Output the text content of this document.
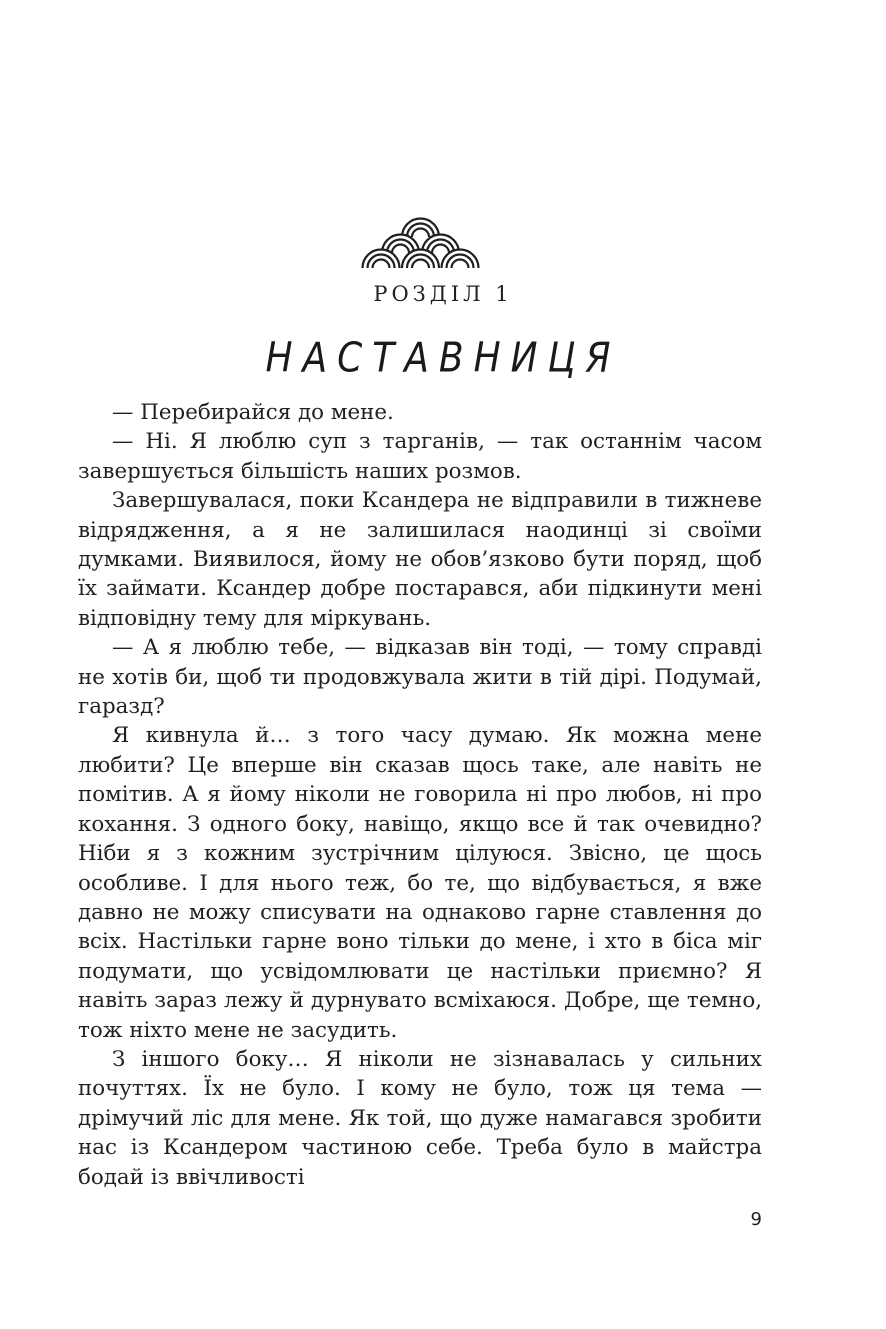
РОЗДІЛ 1
НАСТАВНИЦЯ

— Перебирайся до мене.

— Ні. Я люблю суп з тарганів, — так останнім часом завершується більшість наших розмов.

Завершувалася, поки Ксандера не відправили в тижневе відрядження, а я не залишилася наодинці зі своїми думками. Виявилося, йому не обов’язково бути поряд, щоб їх займати. Ксандер добре постарався, аби підкинути мені відповідну тему для міркувань.

— А я люблю тебе, — відказав він тоді, — тому справді не хотів би, щоб ти продовжувала жити в тій дірі. Подумай, гаразд?

Я кивнула й… з того часу думаю. Як можна мене любити? Це вперше він сказав щось таке, але навіть не помітив. А я йому ніколи не говорила ні про любов, ні про кохання. З одного боку, навіщо, якщо все й так очевидно? Ніби я з кожним зустрічним цілуюся. Звісно, це щось особливе. І для нього теж, бо те, що відбувається, я вже давно не можу списувати на однаково гарне ставлення до всіх. Настільки гарне воно тільки до мене, і хто в біса міг подумати, що усвідомлювати це настільки приємно? Я навіть зараз лежу й дурнувато всміхаюся. Добре, ще темно, тож ніхто мене не засудить.

З іншого боку… Я ніколи не зізнавалась у сильних почуттях. Їх не було. І кому не було, тож ця тема — дрімучий ліс для мене. Як той, що дуже намагався зробити нас із Ксандером частиною себе. Треба було в майстра бодай із ввічливості

9
